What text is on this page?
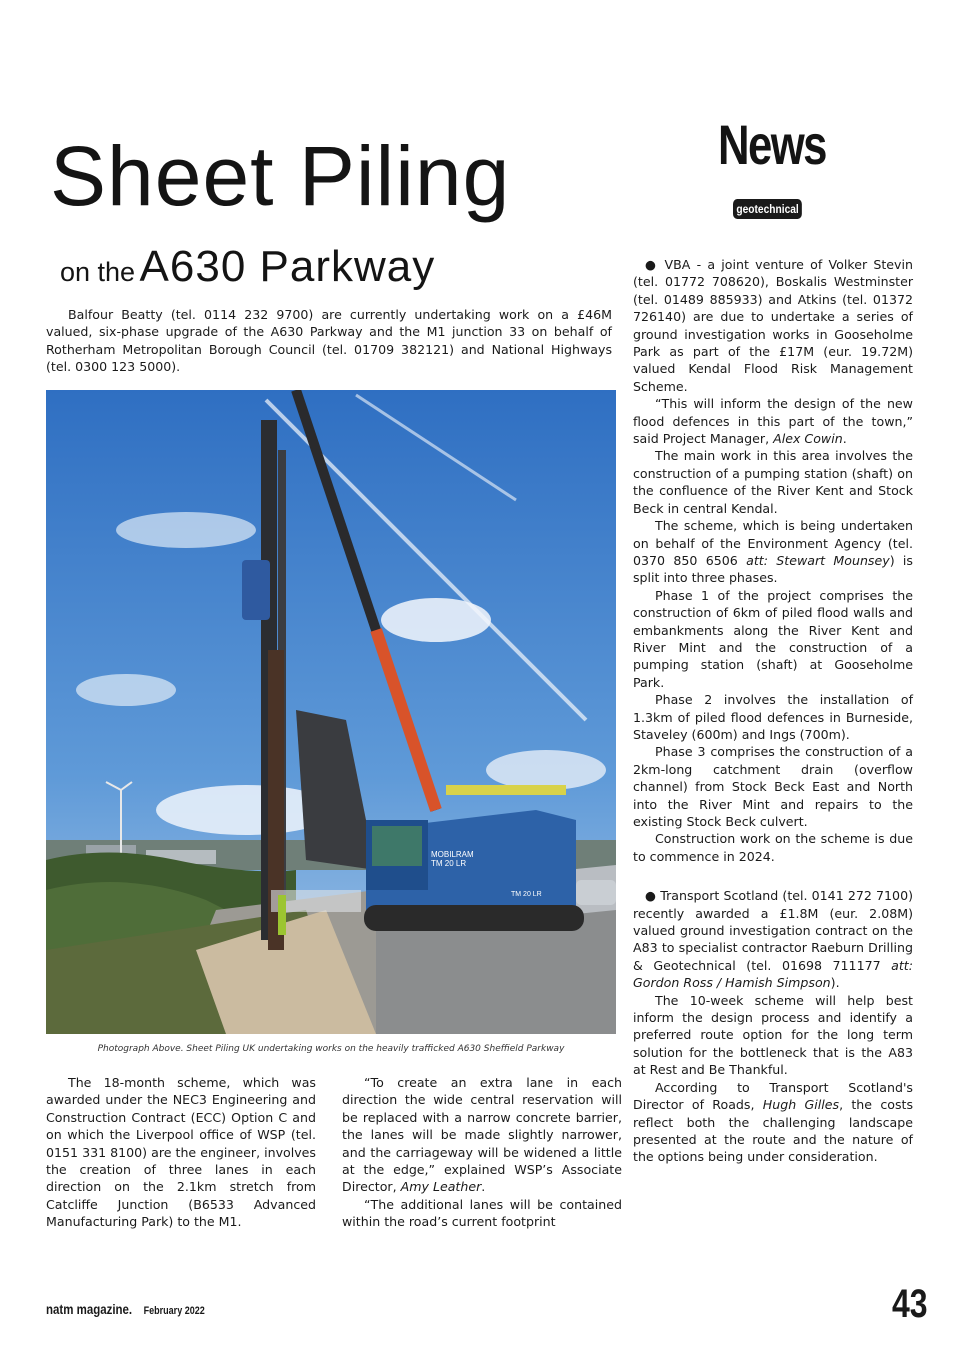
Sheet Piling
on the A630 Parkway
News
geotechnical

Balfour Beatty (tel. 0114 232 9700) are currently undertaking work on a £46M valued, six-phase upgrade of the A630 Parkway and the M1 junction 33 on behalf of Rotherham Metropolitan Borough Council (tel. 01709 382121) and National Highways (tel. 0300 123 5000).

MOBILRAM
TM 20 LR
TM 20 LR
Photograph Above. Sheet Piling UK undertaking works on the heavily trafficked A630 Sheffield Parkway

The 18-month scheme, which was awarded under the NEC3 Engineering and Construction Contract (ECC) Option C and on which the Liverpool office of WSP (tel. 0151 331 8100) are the engineer, involves the creation of three lanes in each direction on the 2.1km stretch from Catcliffe Junction (B6533 Advanced Manufacturing Park) to the M1.

“To create an extra lane in each direction the wide central reservation will be replaced with a narrow concrete barrier, the lanes will be made slightly narrower, and the carriageway will be widened a little at the edge,” explained WSP’s Associate Director, Amy Leather.

“The additional lanes will be contained within the road’s current footprint

● VBA - a joint venture of Volker Stevin (tel. 01772 708620), Boskalis Westminster (tel. 01489 885933) and Atkins (tel. 01372 726140) are due to undertake a series of ground investigation works in Gooseholme Park as part of the £17M (eur. 19.72M) valued Kendal Flood Risk Management Scheme.

“This will inform the design of the new flood defences in this part of the town,” said Project Manager, Alex Cowin.

The main work in this area involves the construction of a pumping station (shaft) on the confluence of the River Kent and Stock Beck in central Kendal.

The scheme, which is being undertaken on behalf of the Environment Agency (tel. 0370 850 6506 att: Stewart Mounsey) is split into three phases.

Phase 1 of the project comprises the construction of 6km of piled flood walls and embankments along the River Kent and River Mint and the construction of a pumping station (shaft) at Gooseholme Park.

Phase 2 involves the installation of 1.3km of piled flood defences in Burneside, Staveley (600m) and Ings (700m).

Phase 3 comprises the construction of a 2km-long catchment drain (overflow channel) from Stock Beck East and North into the River Mint and repairs to the existing Stock Beck culvert.

Construction work on the scheme is due to commence in 2024.

● Transport Scotland (tel. 0141 272 7100) recently awarded a £1.8M (eur. 2.08M) valued ground investigation contract on the A83 to specialist contractor Raeburn Drilling & Geotechnical (tel. 01698 711177 att: Gordon Ross / Hamish Simpson).

The 10-week scheme will help best inform the design process and identify a preferred route option for the long term solution for the bottleneck that is the A83 at Rest and Be Thankful.

According to Transport Scotland's Director of Roads, Hugh Gilles, the costs reflect both the challenging landscape presented at the route and the nature of the options being under consideration.

natm magazine. February 2022	43
